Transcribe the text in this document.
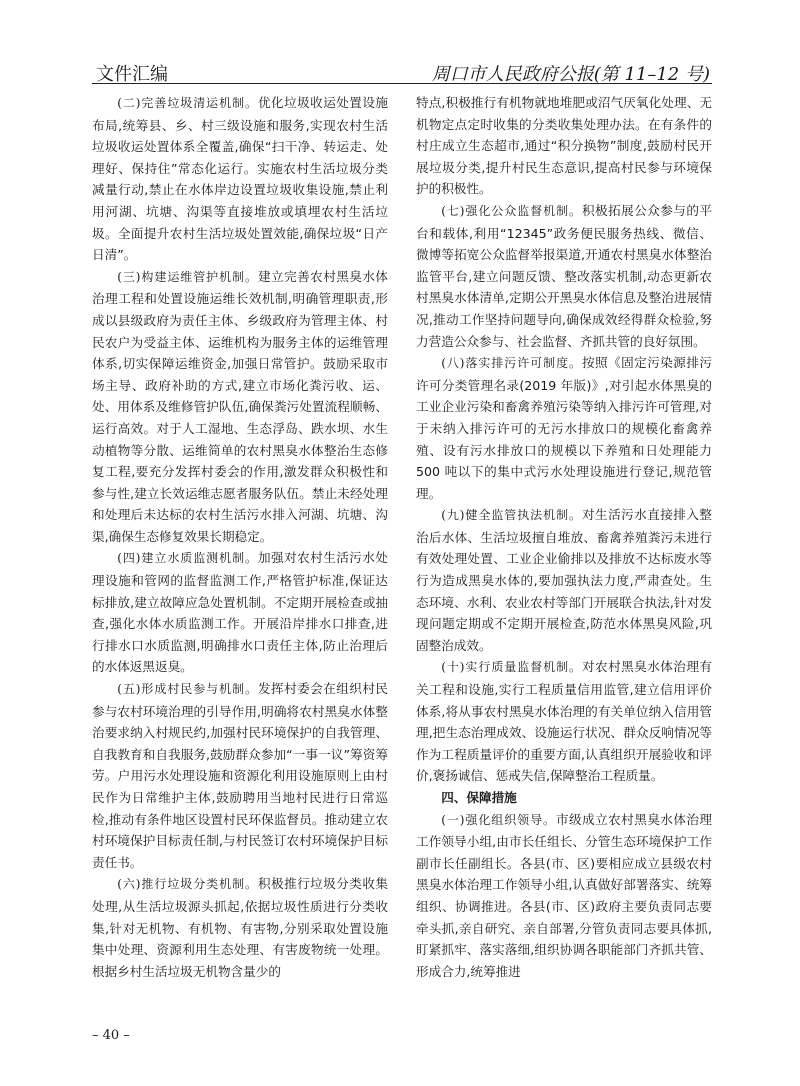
文件汇编	周口市人民政府公报(第 11–12 号)

(二)完善垃圾清运机制。优化垃圾收运处置设施布局,统筹县、乡、村三级设施和服务,实现农村生活垃圾收运处置体系全覆盖,确保“扫干净、转运走、处理好、保持住”常态化运行。实施农村生活垃圾分类减量行动,禁止在水体岸边设置垃圾收集设施,禁止利用河湖、坑塘、沟渠等直接堆放或填埋农村生活垃圾。全面提升农村生活垃圾处置效能,确保垃圾“日产日清”。

(三)构建运维管护机制。建立完善农村黑臭水体治理工程和处置设施运维长效机制,明确管理职责,形成以县级政府为责任主体、乡级政府为管理主体、村民农户为受益主体、运维机构为服务主体的运维管理体系,切实保障运维资金,加强日常管护。鼓励采取市场主导、政府补助的方式,建立市场化粪污收、运、处、用体系及维修管护队伍,确保粪污处置流程顺畅、运行高效。对于人工湿地、生态浮岛、跌水坝、水生动植物等分散、运维简单的农村黑臭水体整治生态修复工程,要充分发挥村委会的作用,激发群众积极性和参与性,建立长效运维志愿者服务队伍。禁止未经处理和处理后未达标的农村生活污水排入河湖、坑塘、沟渠,确保生态修复效果长期稳定。

(四)建立水质监测机制。加强对农村生活污水处理设施和管网的监督监测工作,严格管护标准,保证达标排放,建立故障应急处置机制。不定期开展检查或抽查,强化水体水质监测工作。开展沿岸排水口排查,进行排水口水质监测,明确排水口责任主体,防止治理后的水体返黑返臭。

(五)形成村民参与机制。发挥村委会在组织村民参与农村环境治理的引导作用,明确将农村黑臭水体整治要求纳入村规民约,加强村民环境保护的自我管理、自我教育和自我服务,鼓励群众参加“一事一议”筹资筹劳。户用污水处理设施和资源化利用设施原则上由村民作为日常维护主体,鼓励聘用当地村民进行日常巡检,推动有条件地区设置村民环保监督员。推动建立农村环境保护目标责任制,与村民签订农村环境保护目标责任书。

(六)推行垃圾分类机制。积极推行垃圾分类收集处理,从生活垃圾源头抓起,依据垃圾性质进行分类收集,针对无机物、有机物、有害物,分别采取处置设施集中处理、资源利用生态处理、有害废物统一处理。根据乡村生活垃圾无机物含量少的

特点,积极推行有机物就地堆肥或沼气厌氧化处理、无机物定点定时收集的分类收集处理办法。在有条件的村庄成立生态超市,通过“积分换物”制度,鼓励村民开展垃圾分类,提升村民生态意识,提高村民参与环境保护的积极性。

(七)强化公众监督机制。积极拓展公众参与的平台和载体,利用“12345”政务便民服务热线、微信、微博等拓宽公众监督举报渠道,开通农村黑臭水体整治监管平台,建立问题反馈、整改落实机制,动态更新农村黑臭水体清单,定期公开黑臭水体信息及整治进展情况,推动工作坚持问题导向,确保成效经得群众检验,努力营造公众参与、社会监督、齐抓共管的良好氛围。

(八)落实排污许可制度。按照《固定污染源排污许可分类管理名录(2019 年版)》,对引起水体黑臭的工业企业污染和畜禽养殖污染等纳入排污许可管理,对于未纳入排污许可的无污水排放口的规模化畜禽养殖、设有污水排放口的规模以下养殖和日处理能力 500 吨以下的集中式污水处理设施进行登记,规范管理。

(九)健全监管执法机制。对生活污水直接排入整治后水体、生活垃圾擅自堆放、畜禽养殖粪污未进行有效处理处置、工业企业偷排以及排放不达标废水等行为造成黑臭水体的,要加强执法力度,严肃查处。生态环境、水利、农业农村等部门开展联合执法,针对发现问题定期或不定期开展检查,防范水体黑臭风险,巩固整治成效。

(十)实行质量监督机制。对农村黑臭水体治理有关工程和设施,实行工程质量信用监管,建立信用评价体系,将从事农村黑臭水体治理的有关单位纳入信用管理,把生态治理成效、设施运行状况、群众反响情况等作为工程质量评价的重要方面,认真组织开展验收和评价,褒扬诚信、惩戒失信,保障整治工程质量。

四、保障措施

(一)强化组织领导。市级成立农村黑臭水体治理工作领导小组,由市长任组长、分管生态环境保护工作副市长任副组长。各县(市、区)要相应成立县级农村黑臭水体治理工作领导小组,认真做好部署落实、统筹组织、协调推进。各县(市、区)政府主要负责同志要牵头抓,亲自研究、亲自部署,分管负责同志要具体抓,盯紧抓牢、落实落细,组织协调各职能部门齐抓共管、形成合力,统筹推进

– 40 –
